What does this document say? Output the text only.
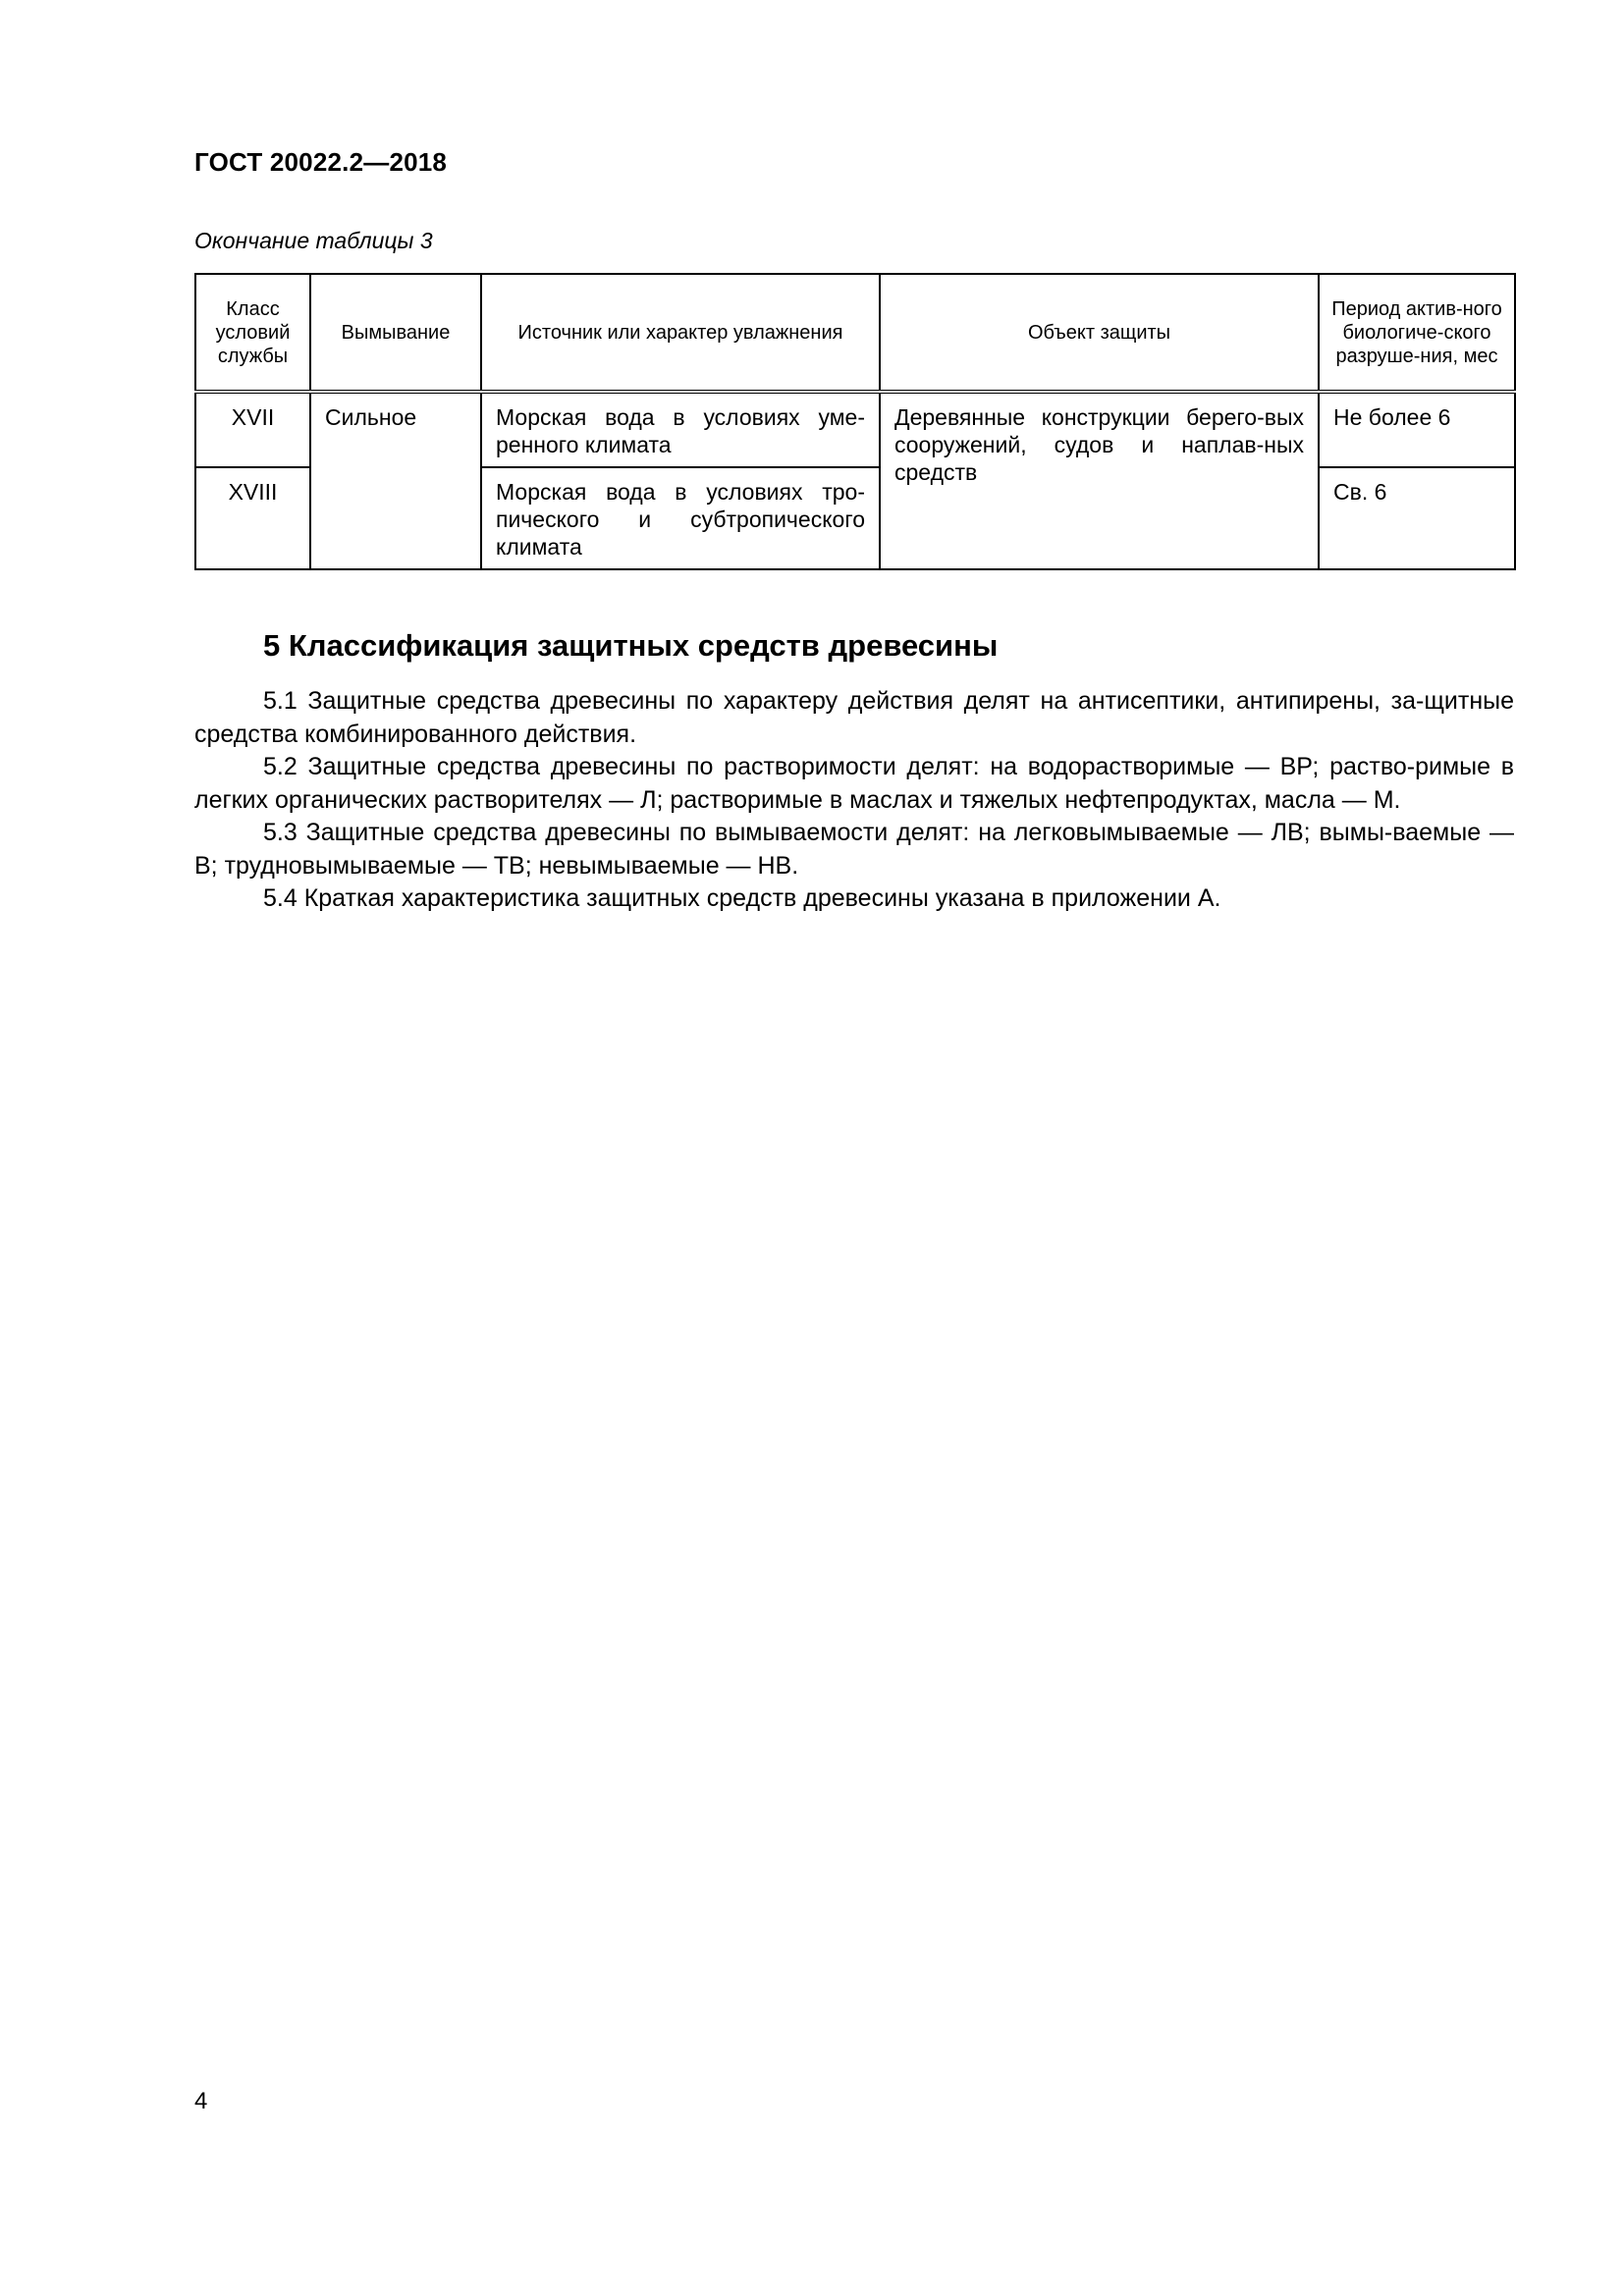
ГОСТ 20022.2—2018
Окончание таблицы 3
Класс условий службы	Вымывание	Источник или характер увлажнения	Объект защиты	Период актив-ного биологиче-ского разруше-ния, мес
XVII	Сильное	Морская вода в условиях уме-ренного климата	Деревянные конструкции берего-вых сооружений, судов и наплав-ных средств	Не более 6
XVIII		Морская вода в условиях тро-пического и субтропического климата		Св. 6
5 Классификация защитных средств древесины

5.1 Защитные средства древесины по характеру действия делят на антисептики, антипирены, за-щитные средства комбинированного действия.

5.2 Защитные средства древесины по растворимости делят: на водорастворимые — ВР; раство-римые в легких органических растворителях — Л; растворимые в маслах и тяжелых нефтепродуктах, масла — М.

5.3 Защитные средства древесины по вымываемости делят: на легковымываемые — ЛВ; вымы-ваемые — В; трудновымываемые — ТВ; невымываемые — НВ.

5.4 Краткая характеристика защитных средств древесины указана в приложении А.

4
